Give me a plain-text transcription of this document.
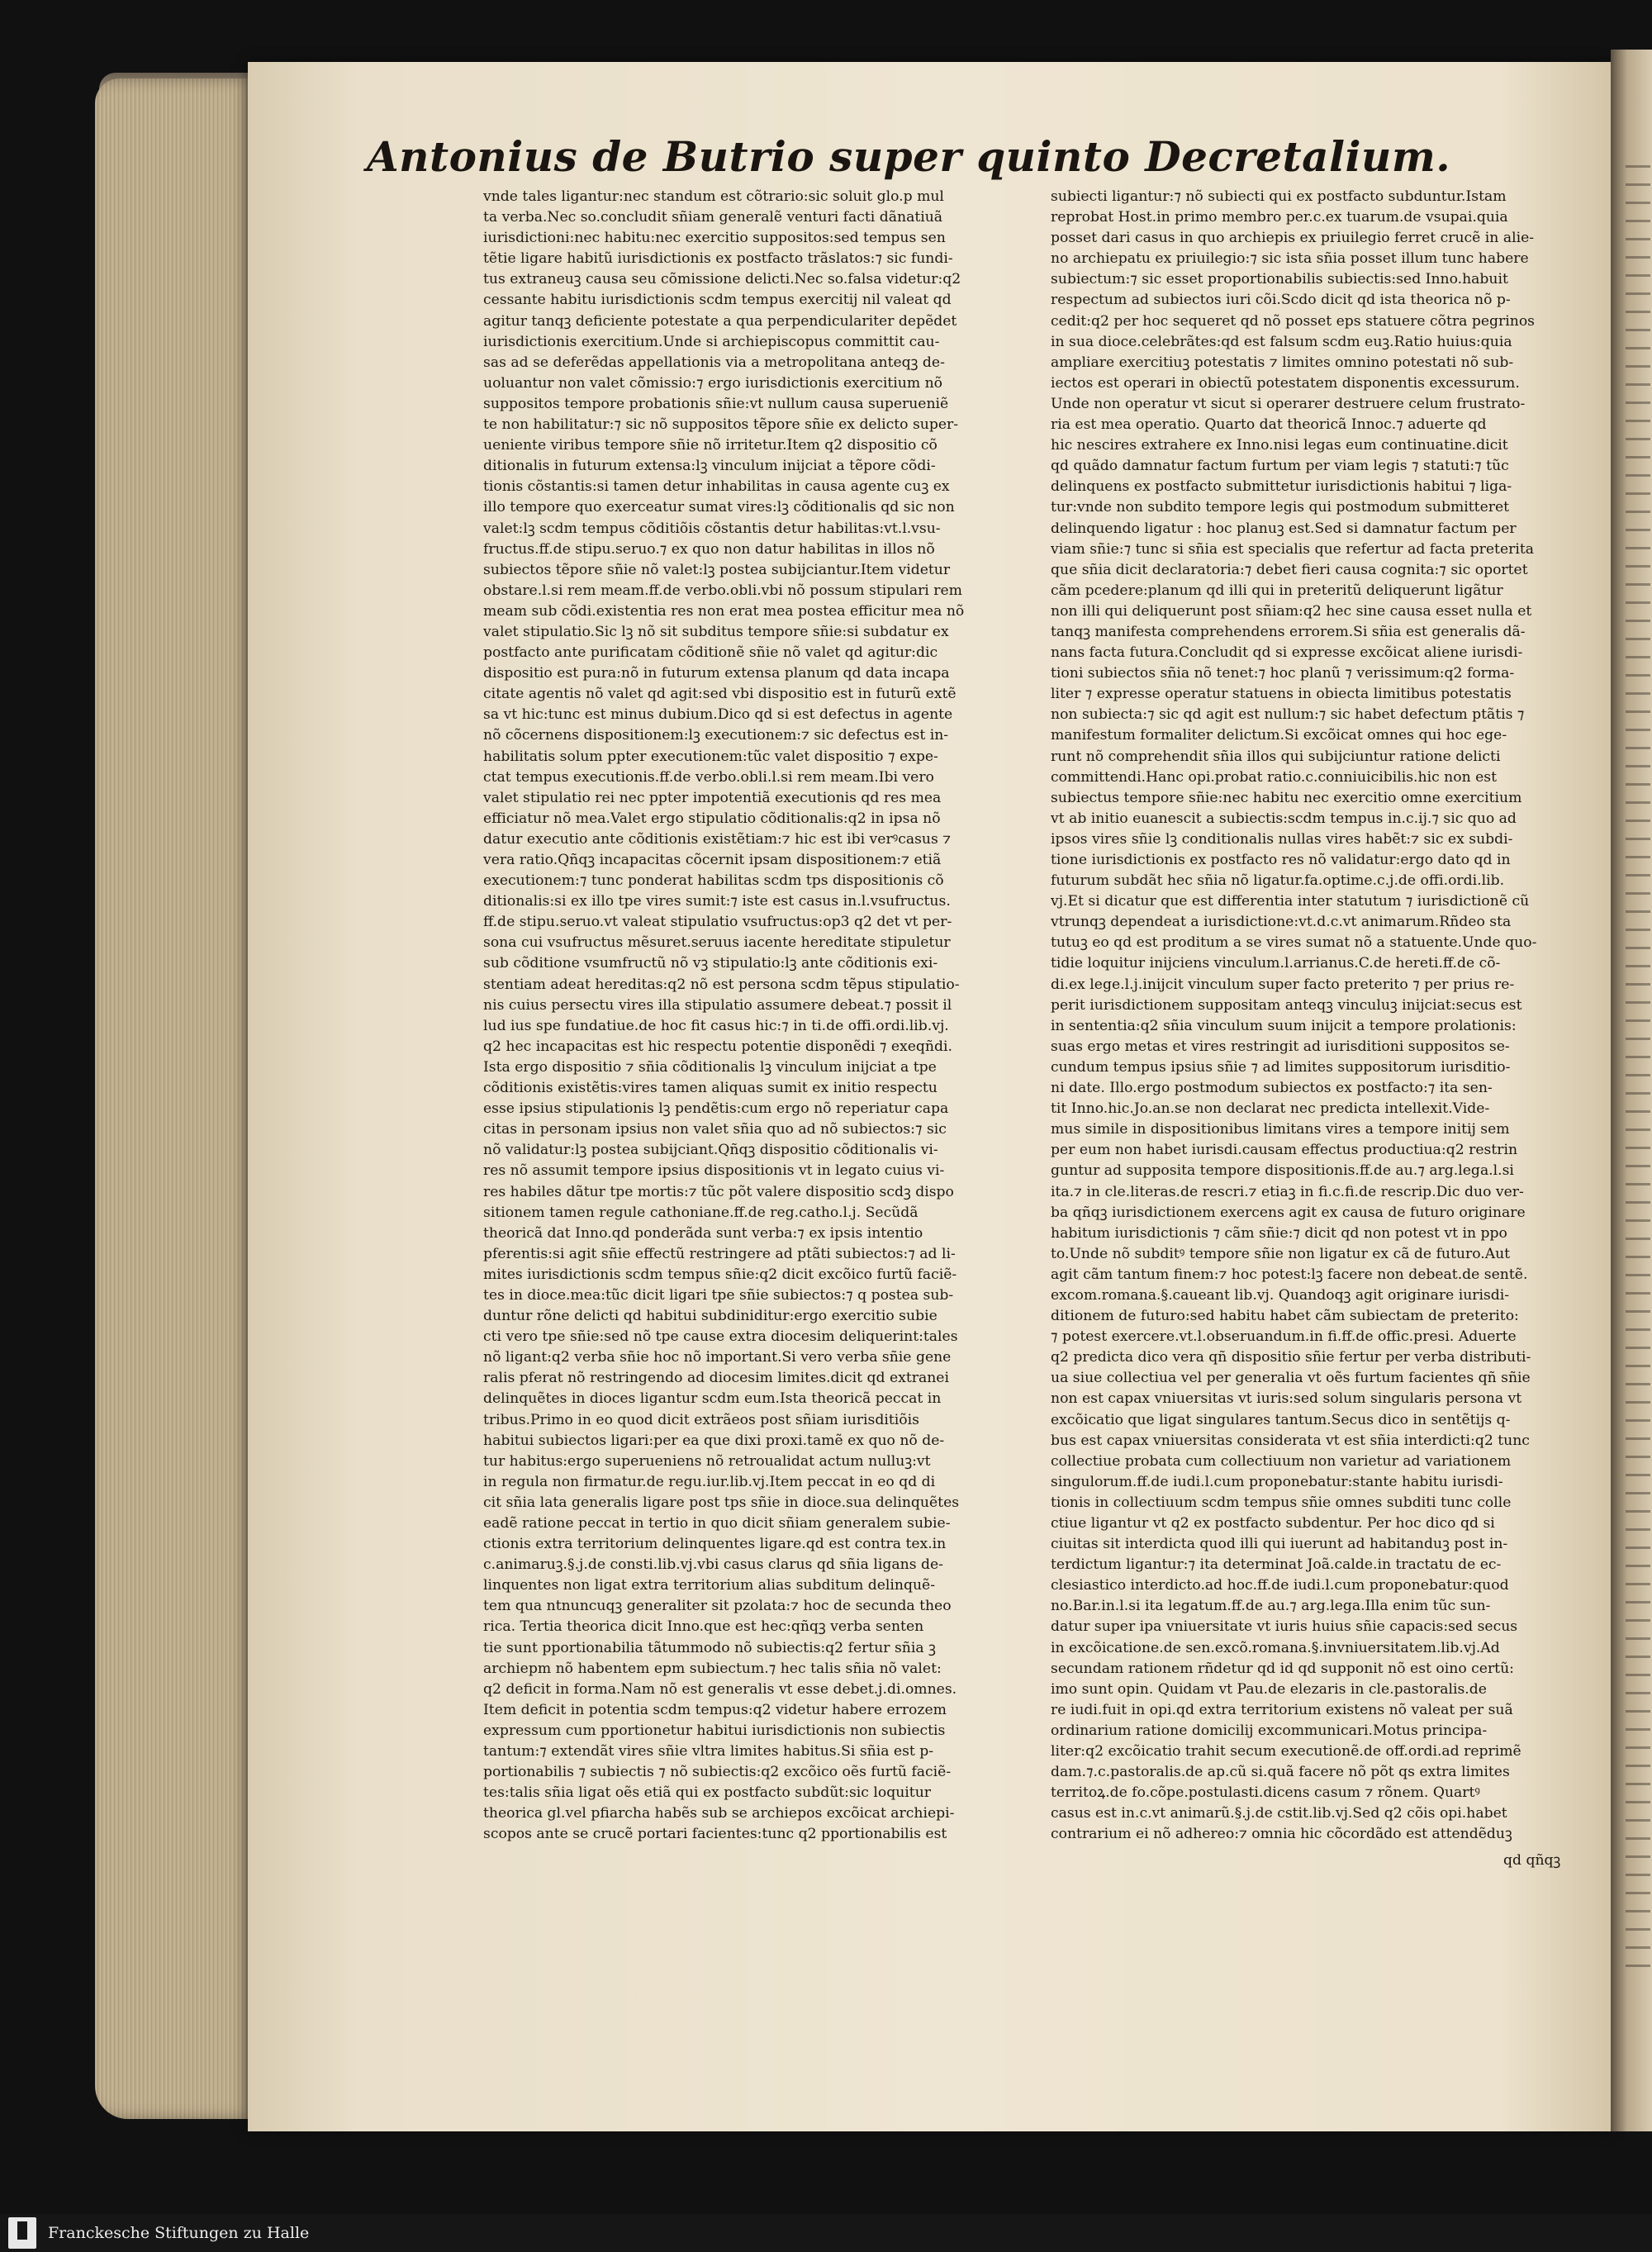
Antonius de Butrio super quinto Decretalium.
vnde tales ligantur:nec standum est cõtrario:sic soluit glo.p mul
ta verba.Nec so.concludit sñiam generalẽ venturi facti dãnatiuã
iurisdictioni:nec habitu:nec exercitio suppositos:sed tempus sen
tẽtie ligare habitũ iurisdictionis ex postfacto trãslatos:⁊ sic fundi-
tus extraneuꝫ causa seu cõmissione delicti.Nec so.falsa videtur:q2
cessante habitu iurisdictionis scdm tempus exercitij nil valeat qd
agitur tanqꝫ deficiente potestate a qua perpendiculariter depẽdet
iurisdictionis exercitium.Unde si archiepiscopus committit cau-
sas ad se deferẽdas appellationis via a metropolitana anteqꝫ de-
uoluantur non valet cõmissio:⁊ ergo iurisdictionis exercitium nõ
suppositos tempore probationis sñie:vt nullum causa superueniẽ
te non habilitatur:⁊ sic nõ suppositos tẽpore sñie ex delicto super-
ueniente viribus tempore sñie nõ irritetur.Item q2 dispositio cõ
ditionalis in futurum extensa:lꝫ vinculum inijciat a tẽpore cõdi-
tionis cõstantis:si tamen detur inhabilitas in causa agente cuꝫ ex
illo tempore quo exerceatur sumat vires:lꝫ cõditionalis qd sic non
valet:lꝫ scdm tempus cõditiõis cõstantis detur habilitas:vt.l.vsu-
fructus.ff.de stipu.seruo.⁊ ex quo non datur habilitas in illos nõ
subiectos tẽpore sñie nõ valet:lꝫ postea subijciantur.Item videtur
obstare.l.si rem meam.ff.de verbo.obli.vbi nõ possum stipulari rem
meam sub cõdi.existentia res non erat mea postea efficitur mea nõ
valet stipulatio.Sic lꝫ nõ sit subditus tempore sñie:si subdatur ex
postfacto ante purificatam cõditionẽ sñie nõ valet qd agitur:dic
dispositio est pura:nõ in futurum extensa planum qd data incapa
citate agentis nõ valet qd agit:sed vbi dispositio est in futurũ extẽ
sa vt hic:tunc est minus dubium.Dico qd si est defectus in agente
nõ cõcernens dispositionem:lꝫ executionem:⁊ sic defectus est in-
habilitatis solum ppter executionem:tũc valet dispositio ⁊ expe-
ctat tempus executionis.ff.de verbo.obli.l.si rem meam.Ibi vero
valet stipulatio rei nec ppter impotentiã executionis qd res mea
efficiatur nõ mea.Valet ergo stipulatio cõditionalis:q2 in ipsa nõ
datur executio ante cõditionis existẽtiam:⁊ hic est ibi verꝰcasus ⁊
vera ratio.Qñqꝫ incapacitas cõcernit ipsam dispositionem:⁊ etiã
executionem:⁊ tunc ponderat habilitas scdm tps dispositionis cõ
ditionalis:si ex illo tpe vires sumit:⁊ iste est casus in.l.vsufructus.
ff.de stipu.seruo.vt valeat stipulatio vsufructus:op3 q2 det vt per-
sona cui vsufructus mẽsuret.seruus iacente hereditate stipuletur
sub cõditione vsumfructũ nõ vꝫ stipulatio:lꝫ ante cõditionis exi-
stentiam adeat hereditas:q2 nõ est persona scdm tẽpus stipulatio-
nis cuius persectu vires illa stipulatio assumere debeat.⁊ possit il
lud ius spe fundatiue.de hoc fit casus hic:⁊ in ti.de offi.ordi.lib.vj.
q2 hec incapacitas est hic respectu potentie disponẽdi ⁊ exeqñdi.
Ista ergo dispositio ⁊ sñia cõditionalis lꝫ vinculum inijciat a tpe
cõditionis existẽtis:vires tamen aliquas sumit ex initio respectu
esse ipsius stipulationis lꝫ pendẽtis:cum ergo nõ reperiatur capa
citas in personam ipsius non valet sñia quo ad nõ subiectos:⁊ sic
nõ validatur:lꝫ postea subijciant.Qñqꝫ dispositio cõditionalis vi-
res nõ assumit tempore ipsius dispositionis vt in legato cuius vi-
res habiles dãtur tpe mortis:⁊ tũc põt valere dispositio scdꝫ dispo
sitionem tamen regule cathoniane.ff.de reg.catho.l.j. Secũdã
theoricã dat Inno.qd ponderãda sunt verba:⁊ ex ipsis intentio
pferentis:si agit sñie effectũ restringere ad ptãti subiectos:⁊ ad li-
mites iurisdictionis scdm tempus sñie:q2 dicit excõico furtũ faciẽ-
tes in dioce.mea:tũc dicit ligari tpe sñie subiectos:⁊ q postea sub-
duntur rõne delicti qd habitui subdiniditur:ergo exercitio subie
cti vero tpe sñie:sed nõ tpe cause extra diocesim deliquerint:tales
nõ ligant:q2 verba sñie hoc nõ important.Si vero verba sñie gene
ralis pferat nõ restringendo ad diocesim limites.dicit qd extranei
delinquẽtes in dioces ligantur scdm eum.Ista theoricã peccat in
tribus.Primo in eo quod dicit extrãeos post sñiam iurisditiõis
habitui subiectos ligari:per ea que dixi proxi.tamẽ ex quo nõ de-
tur habitus:ergo superueniens nõ retroualidat actum nulluꝫ:vt
in regula non firmatur.de regu.iur.lib.vj.Item peccat in eo qd di
cit sñia lata generalis ligare post tps sñie in dioce.sua delinquẽtes
eadẽ ratione peccat in tertio in quo dicit sñiam generalem subie-
ctionis extra territorium delinquentes ligare.qd est contra tex.in
c.animaruꝫ.§.j.de consti.lib.vj.vbi casus clarus qd sñia ligans de-
linquentes non ligat extra territorium alias subditum delinquẽ-
tem qua ntnuncuqꝫ generaliter sit pzolata:⁊ hoc de secunda theo
rica. Tertia theorica dicit Inno.que est hec:qñqꝫ verba senten
tie sunt pportionabilia tãtummodo nõ subiectis:q2 fertur sñia ꝫ
archiepm nõ habentem epm subiectum.⁊ hec talis sñia nõ valet:
q2 deficit in forma.Nam nõ est generalis vt esse debet.j.di.omnes.
Item deficit in potentia scdm tempus:q2 videtur habere errozem
expressum cum pportionetur habitui iurisdictionis non subiectis
tantum:⁊ extendãt vires sñie vltra limites habitus.Si sñia est p-
portionabilis ⁊ subiectis ⁊ nõ subiectis:q2 excõico oẽs furtũ faciẽ-
tes:talis sñia ligat oẽs etiã qui ex postfacto subdũt:sic loquitur
theorica gl.vel pfiarcha habẽs sub se archiepos excõicat archiepi-
scopos ante se crucẽ portari facientes:tunc q2 pportionabilis est
subiecti ligantur:⁊ nõ subiecti qui ex postfacto subduntur.Istam
reprobat Host.in primo membro per.c.ex tuarum.de vsupai.quia
posset dari casus in quo archiepis ex priuilegio ferret crucẽ in alie-
no archiepatu ex priuilegio:⁊ sic ista sñia posset illum tunc habere
subiectum:⁊ sic esset proportionabilis subiectis:sed Inno.habuit
respectum ad subiectos iuri cõi.Scdo dicit qd ista theorica nõ p-
cedit:q2 per hoc sequeret qd nõ posset eps statuere cõtra pegrinos
in sua dioce.celebrãtes:qd est falsum scdm euꝫ.Ratio huius:quia
ampliare exercitiuꝫ potestatis ⁊ limites omnino potestati nõ sub-
iectos est operari in obiectũ potestatem disponentis excessurum.
Unde non operatur vt sicut si operarer destruere celum frustrato-
ria est mea operatio. Quarto dat theoricã Innoc.⁊ aduerte qd
hic nescires extrahere ex Inno.nisi legas eum continuatine.dicit
qd quãdo damnatur factum furtum per viam legis ⁊ statuti:⁊ tũc
delinquens ex postfacto submittetur iurisdictionis habitui ⁊ liga-
tur:vnde non subdito tempore legis qui postmodum submitteret
delinquendo ligatur : hoc planuꝫ est.Sed si damnatur factum per
viam sñie:⁊ tunc si sñia est specialis que refertur ad facta preterita
que sñia dicit declaratoria:⁊ debet fieri causa cognita:⁊ sic oportet
cãm pcedere:planum qd illi qui in preteritũ deliquerunt ligãtur
non illi qui deliquerunt post sñiam:q2 hec sine causa esset nulla et
tanqꝫ manifesta comprehendens errorem.Si sñia est generalis dã-
nans facta futura.Concludit qd si expresse excõicat aliene iurisdi-
tioni subiectos sñia nõ tenet:⁊ hoc planũ ⁊ verissimum:q2 forma-
liter ⁊ expresse operatur statuens in obiecta limitibus potestatis
non subiecta:⁊ sic qd agit est nullum:⁊ sic habet defectum ptãtis ⁊
manifestum formaliter delictum.Si excõicat omnes qui hoc ege-
runt nõ comprehendit sñia illos qui subijciuntur ratione delicti
committendi.Hanc opi.probat ratio.c.conniuicibilis.hic non est
subiectus tempore sñie:nec habitu nec exercitio omne exercitium
vt ab initio euanescit a subiectis:scdm tempus in.c.ij.⁊ sic quo ad
ipsos vires sñie lꝫ conditionalis nullas vires habẽt:⁊ sic ex subdi-
tione iurisdictionis ex postfacto res nõ validatur:ergo dato qd in
futurum subdãt hec sñia nõ ligatur.fa.optime.c.j.de offi.ordi.lib.
vj.Et si dicatur que est differentia inter statutum ⁊ iurisdictionẽ cũ
vtrunqꝫ dependeat a iurisdictione:vt.d.c.vt animarum.Rñdeo sta
tutuꝫ eo qd est proditum a se vires sumat nõ a statuente.Unde quo-
tidie loquitur inijciens vinculum.l.arrianus.C.de hereti.ff.de cõ-
di.ex lege.l.j.inijcit vinculum super facto preterito ⁊ per prius re-
perit iurisdictionem suppositam anteqꝫ vinculuꝫ inijciat:secus est
in sententia:q2 sñia vinculum suum inijcit a tempore prolationis:
suas ergo metas et vires restringit ad iurisditioni suppositos se-
cundum tempus ipsius sñie ⁊ ad limites suppositorum iurisditio-
ni date. Illo.ergo postmodum subiectos ex postfacto:⁊ ita sen-
tit Inno.hic.Jo.an.se non declarat nec predicta intellexit.Vide-
mus simile in dispositionibus limitans vires a tempore initij sem
per eum non habet iurisdi.causam effectus productiua:q2 restrin
guntur ad supposita tempore dispositionis.ff.de au.⁊ arg.lega.l.si
ita.⁊ in cle.literas.de rescri.⁊ etiaꝫ in fi.c.fi.de rescrip.Dic duo ver-
ba qñqꝫ iurisdictionem exercens agit ex causa de futuro originare
habitum iurisdictionis ⁊ cãm sñie:⁊ dicit qd non potest vt in ppo
to.Unde nõ subditꝰ tempore sñie non ligatur ex cã de futuro.Aut
agit cãm tantum finem:⁊ hoc potest:lꝫ facere non debeat.de sentẽ.
excom.romana.§.caueant lib.vj. Quandoqꝫ agit originare iurisdi-
ditionem de futuro:sed habitu habet cãm subiectam de preterito:
⁊ potest exercere.vt.l.obseruandum.in fi.ff.de offic.presi. Aduerte
q2 predicta dico vera qñ dispositio sñie fertur per verba distributi-
ua siue collectiua vel per generalia vt oẽs furtum facientes qñ sñie
non est capax vniuersitas vt iuris:sed solum singularis persona vt
excõicatio que ligat singulares tantum.Secus dico in sentẽtijs q-
bus est capax vniuersitas considerata vt est sñia interdicti:q2 tunc
collectiue probata cum collectiuum non varietur ad variationem
singulorum.ff.de iudi.l.cum proponebatur:stante habitu iurisdi-
tionis in collectiuum scdm tempus sñie omnes subditi tunc colle
ctiue ligantur vt q2 ex postfacto subdentur. Per hoc dico qd si
ciuitas sit interdicta quod illi qui iuerunt ad habitanduꝫ post in-
terdictum ligantur:⁊ ita determinat Joã.calde.in tractatu de ec-
clesiastico interdicto.ad hoc.ff.de iudi.l.cum proponebatur:quod
no.Bar.in.l.si ita legatum.ff.de au.⁊ arg.lega.Illa enim tũc sun-
datur super ipa vniuersitate vt iuris huius sñie capacis:sed secus
in excõicatione.de sen.excõ.romana.§.invniuersitatem.lib.vj.Ad
secundam rationem rñdetur qd id qd supponit nõ est oino certũ:
imo sunt opin. Quidam vt Pau.de elezaris in cle.pastoralis.de
re iudi.fuit in opi.qd extra territorium existens nõ valeat per suã
ordinarium ratione domicilij excommunicari.Motus principa-
liter:q2 excõicatio trahit secum executionẽ.de off.ordi.ad reprimẽ
dam.⁊.c.pastoralis.de ap.cũ si.quã facere nõ põt qs extra limites
territoꝝ.de fo.cõpe.postulasti.dicens casum ⁊ rõnem. Quartꝰ
casus est in.c.vt animarũ.§.j.de cstit.lib.vj.Sed q2 cõis opi.habet
contrarium ei nõ adhereo:⁊ omnia hic cõcordãdo est attendẽduꝫ
qd qñqꝫ
Franckesche Stiftungen zu Halle
